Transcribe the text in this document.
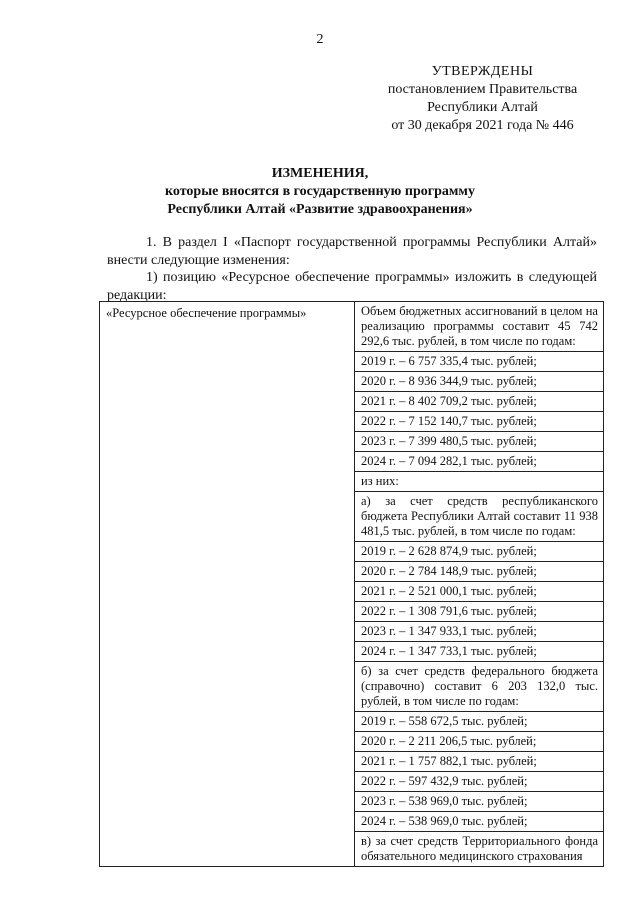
2
УТВЕРЖДЕНЫ
постановлением Правительства
Республики Алтай
от 30 декабря 2021 года № 446
ИЗМЕНЕНИЯ,
которые вносятся в государственную программу
Республики Алтай «Развитие здравоохранения»

1. В раздел I «Паспорт государственной программы Республики Алтай» внести следующие изменения:

1) позицию «Ресурсное обеспечение программы» изложить в следующей редакции:

«Ресурсное обеспечение программы»	Объем бюджетных ассигнований в целом на реализацию программы составит 45 742 292,6 тыс. рублей, в том числе по годам:
2019 г. – 6 757 335,4 тыс. рублей;
2020 г. – 8 936 344,9 тыс. рублей;
2021 г. – 8 402 709,2 тыс. рублей;
2022 г. – 7 152 140,7 тыс. рублей;
2023 г. – 7 399 480,5 тыс. рублей;
2024 г. – 7 094 282,1 тыс. рублей;
из них:
а) за счет средств республиканского бюджета Республики Алтай составит 11 938 481,5 тыс. рублей, в том числе по годам:
2019 г. – 2 628 874,9 тыс. рублей;
2020 г. – 2 784 148,9 тыс. рублей;
2021 г. – 2 521 000,1 тыс. рублей;
2022 г. – 1 308 791,6 тыс. рублей;
2023 г. – 1 347 933,1 тыс. рублей;
2024 г. – 1 347 733,1 тыс. рублей;
б) за счет средств федерального бюджета (справочно) составит 6 203 132,0 тыс. рублей, в том числе по годам:
2019 г. – 558 672,5 тыс. рублей;
2020 г. – 2 211 206,5 тыс. рублей;
2021 г. – 1 757 882,1 тыс. рублей;
2022 г. – 597 432,9 тыс. рублей;
2023 г. – 538 969,0 тыс. рублей;
2024 г. – 538 969,0 тыс. рублей;
в) за счет средств Территориального фонда обязательного медицинского страхования
